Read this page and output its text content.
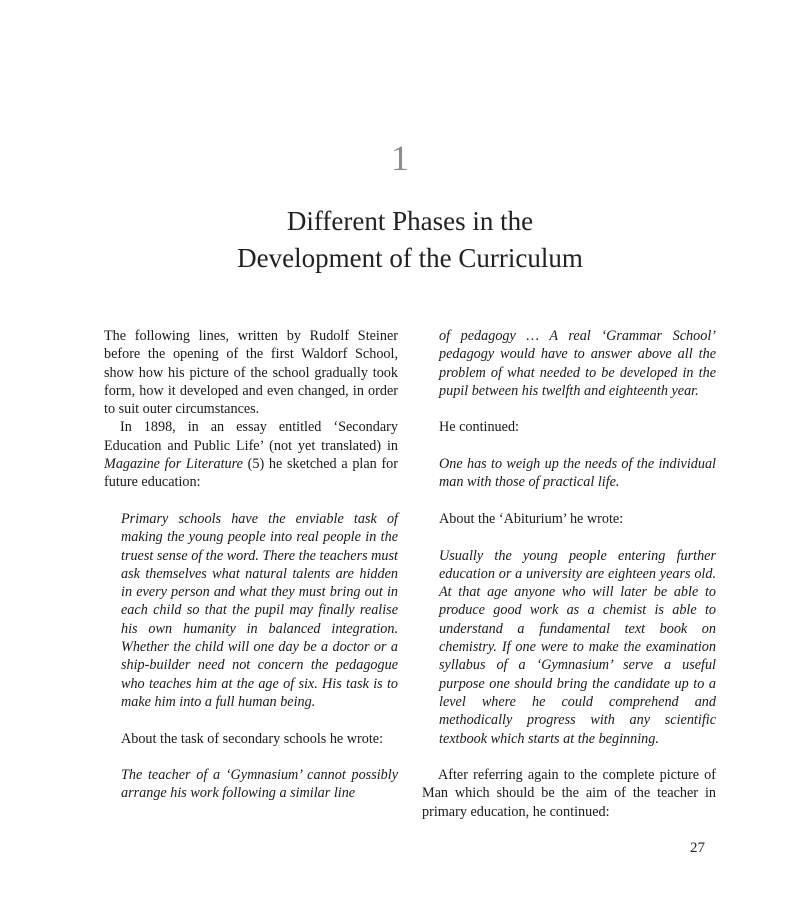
1
Different Phases in the
Development of the Curriculum

The following lines, written by Rudolf Steiner before the opening of the first Waldorf School, show how his picture of the school gradually took form, how it developed and even changed, in order to suit outer circumstances.

In 1898, in an essay entitled ‘Secondary Education and Public Life’ (not yet translated) in Magazine for Literature (5) he sketched a plan for future education:

Primary schools have the enviable task of making the young people into real people in the truest sense of the word. There the teachers must ask themselves what natural talents are hidden in every person and what they must bring out in each child so that the pupil may finally realise his own humanity in balanced integration. Whether the child will one day be a doctor or a ship-builder need not concern the pedagogue who teaches him at the age of six. His task is to make him into a full human being.

About the task of secondary schools he wrote:

The teacher of a ‘Gymnasium’ cannot possibly arrange his work following a similar line

of pedagogy … A real ‘Grammar School’ pedagogy would have to answer above all the problem of what needed to be developed in the pupil between his twelfth and eighteenth year.

He continued:

One has to weigh up the needs of the individual man with those of practical life.

About the ‘Abiturium’ he wrote:

Usually the young people entering further education or a university are eighteen years old. At that age anyone who will later be able to produce good work as a chemist is able to understand a fundamental text book on chemistry. If one were to make the examination syllabus of a ‘Gymnasium’ serve a useful purpose one should bring the candidate up to a level where he could comprehend and methodically progress with any scientific textbook which starts at the beginning.

After referring again to the complete picture of Man which should be the aim of the teacher in primary education, he continued:

27
